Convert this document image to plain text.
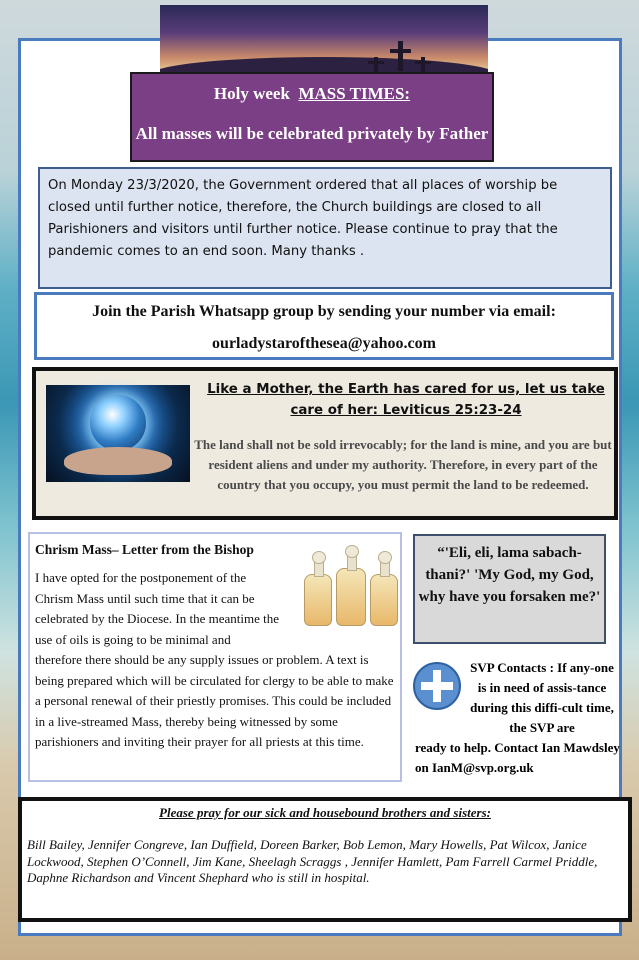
Holy week MASS TIMES:
All masses will be celebrated privately by Father
On Monday 23/3/2020, the Government ordered that all places of worship be closed until further notice, therefore, the Church buildings are closed to all Parishioners and visitors until further notice. Please continue to pray that the pandemic comes to an end soon. Many thanks .
Join the Parish Whatsapp group by sending your number via email:
ourladystarofthesea@yahoo.com
Like a Mother, the Earth has cared for us, let us take care of her: Leviticus 25:23-24
The land shall not be sold irrevocably; for the land is mine, and you are but resident aliens and under my authority. Therefore, in every part of the country that you occupy, you must permit the land to be redeemed.
Chrism Mass– Letter from the Bishop
I have opted for the postponement of the Chrism Mass until such time that it can be celebrated by the Diocese. In the meantime the use of oils is going to be minimal and
therefore there should be any supply issues or problem. A text is being prepared which will be circulated for clergy to be able to make a personal renewal of their priestly promises. This could be included in a live-streamed Mass, thereby being witnessed by some parishioners and inviting their prayer for all priests at this time.
“'Eli, eli, lama sabach-thani?' 'My God, my God, why have you forsaken me?'
SVP Contacts : If any-one is in need of assis-tance during this diffi-cult time, the SVP are
ready to help. Contact Ian Mawdsley on IanM@svp.org.uk
Please pray for our sick and housebound brothers and sisters:
Bill Bailey, Jennifer Congreve, Ian Duffield, Doreen Barker, Bob Lemon, Mary Howells, Pat Wilcox, Janice Lockwood, Stephen O’Connell, Jim Kane, Sheelagh Scraggs , Jennifer Hamlett, Pam Farrell Carmel Priddle, Daphne Richardson and Vincent Shephard who is still in hospital.
